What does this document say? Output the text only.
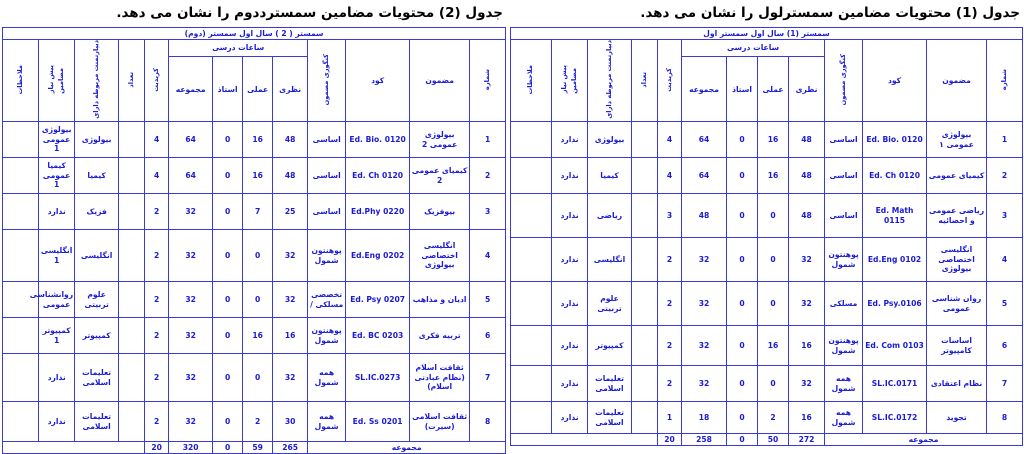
جدول (2) محتویات مضامین سمسترددوم را نشان می دهد.
سمستر ( 2 ) سال اول سمستر (دوم)												
شماره	مضمون	کود	کتگوری مضمون	ساعات درسی				کریدیت	تعداد	دیپارتمنت مربوطه دارای	مضامین پیش نیاز	ملاحظات
				نظری	عملی	استاذ	مجموعه					
1	بیولوژی عمومی 2	Ed. Bio. 0120	اساسی	48	16	0	64	4		بیولوژی	بیولوژی عمومی 1	
2	کیمیای عمومی 2	Ed. Ch 0120	اساسی	48	16	0	64	4		کیمیا	کیمیا عمومی 1	
3	بیوفزیک	Ed.Phy 0220	اساسی	25	7	0	32	2		فزیک	ندارد	
4	انگلیسی اختصاصی بیولوژی	Ed.Eng 0202	پوهنتون شمول	32	0	0	32	2		انگلیسی	انگلیسی 1	
5	ادیان و مذاهب	Ed. Psy 0207	تخصصی مسلکی /	32	0	0	32	2		علوم تربیتی	روانشناسی عمومی	
6	تربیه فکری	Ed. BC 0203	پوهنتون شمول	16	16	0	32	2		کمپیوتر	کمپیوتر 1	
7	ثقافت اسلام (نظام عبادتی اسلام)	SL.IC.0273	همه شمول	32	0	0	32	2		تعلیمات اسلامی	ندارد	
8	ثقافت اسلامی (سیرت)	Ed. Ss 0201	همه شمول	30	2	0	32	2		تعلیمات اسلامی	ندارد	
مجموعه				265	59	0	320	20				
جدول (1) محتویات مضامین سمسترلول را نشان می دهد.
سمستر (1) سال اول سمستر اول												
شماره	مضمون	کود	کتگوری مضمون	ساعات درسی				کریدیت	تعداد	دیپارتمنت مربوطه دارای	مضامین پیش نیاز	ملاحظات
				نظری	عملی	استاذ	مجموعه					
1	بیولوژی عمومی ۱	Ed. Bio. 0120	اساسی	48	16	0	64	4		بیولوژی	ندارد	
2	کیمیای عمومی	Ed. Ch 0120	اساسی	48	16	0	64	4		کیمیا	ندارد	
3	ریاضی عمومی و احصائیه	Ed. Math 0115	اساسی	48	0	0	48	3		ریاضی	ندارد	
4	انگلیسی اختصاصی بیولوژی	Ed.Eng 0102	پوهنتون شمول	32	0	0	32	2		انگلیسی	ندارد	
5	روان شناسی عمومی	Ed. Psy.0106	مسلکی	32	0	0	32	2		علوم تربیتی	ندارد	
6	اساسات کامپیوتر	Ed. Com 0103	پوهنتون شمول	16	16	0	32	2		کمپیوتر	ندارد	
7	نظام اعتقادی	SL.IC.0171	همه شمول	32	0	0	32	2		تعلیمات اسلامی	ندارد	
8	تجوید	SL.IC.0172	همه شمول	16	2	0	18	1		تعلیمات اسلامی	ندارد	
مجموعه				272	50	0	258	20				
